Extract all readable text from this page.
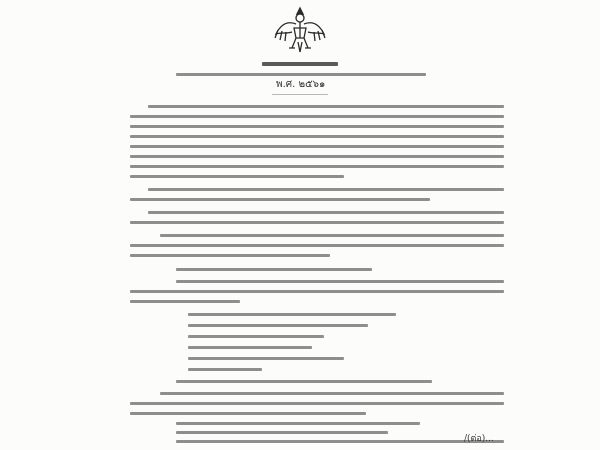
พ.ศ. ๒๕๖๑
/(ต่อ)...
